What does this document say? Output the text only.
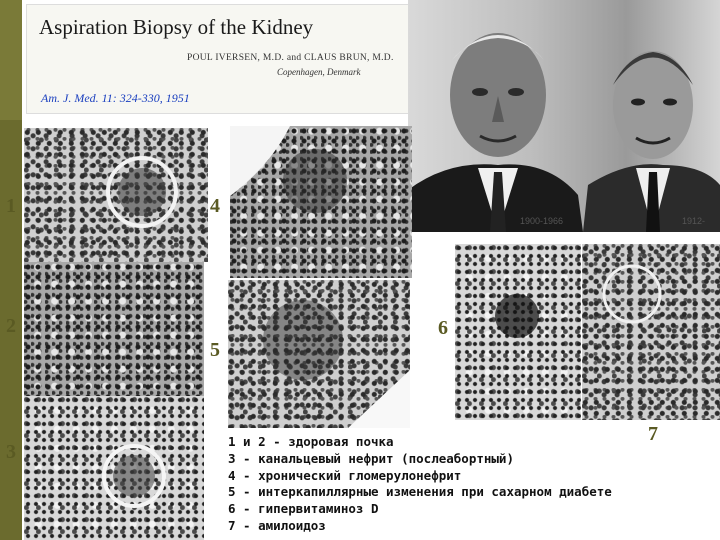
Aspiration Biopsy of the Kidney
POUL IVERSEN, M.D. and CLAUS BRUN, M.D.
Copenhagen, Denmark
Am. J. Med. 11: 324-330, 1951
1900-1966	1912-
1
2
3
4
5
6
7
1 и 2 - здоровая почка
3 - канальцевый нефрит (послеабортный)
4 - хронический гломерулонефрит
5 - интеркапиллярные изменения при сахарном диабете
6 - гипервитаминоз D
7 - амилоидоз
